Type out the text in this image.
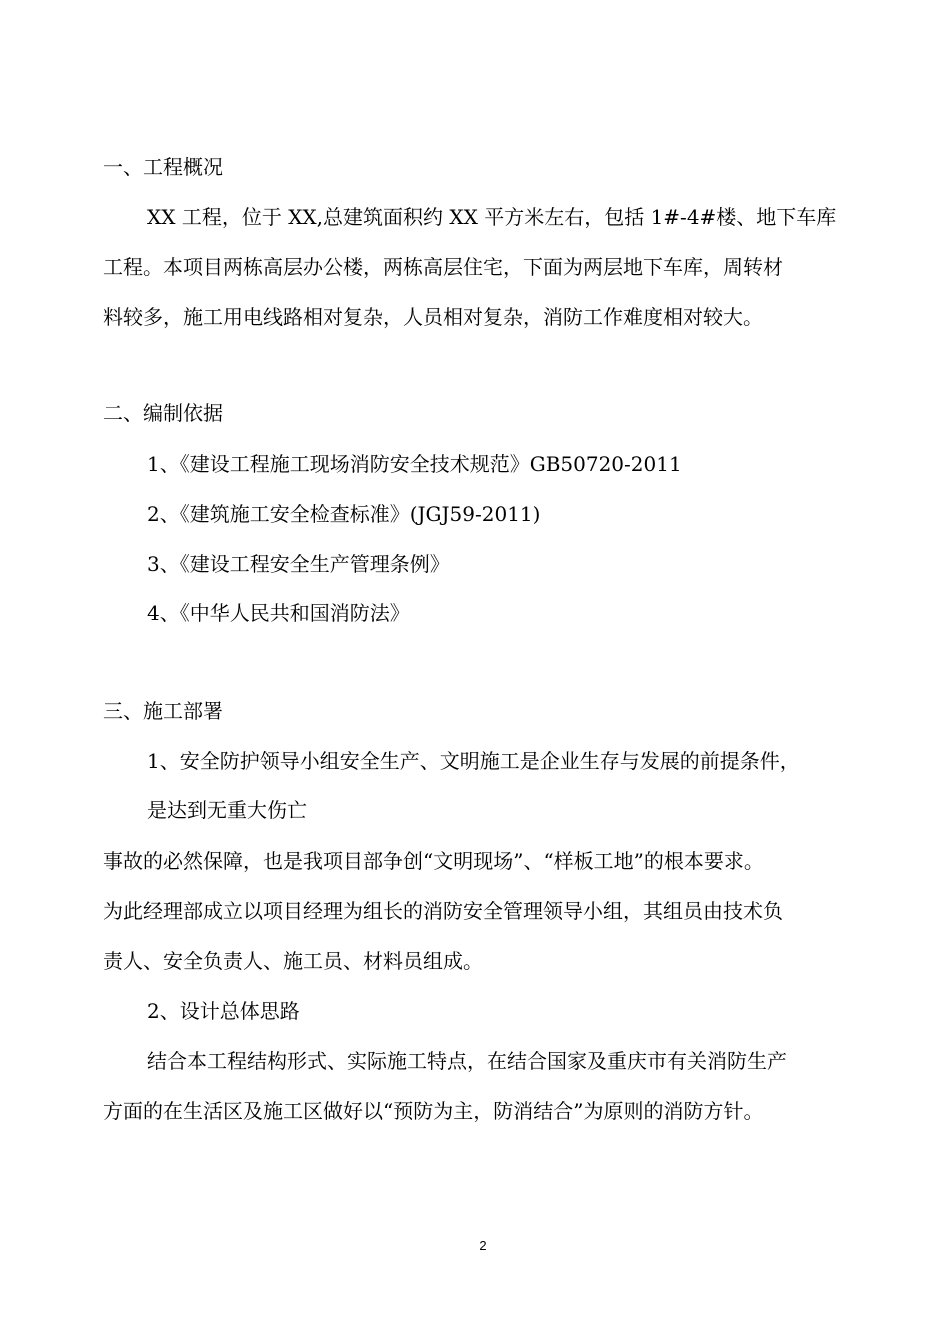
一、工程概况
XX 工程，位于 XX,总建筑面积约 XX 平方米左右，包括 1#-4#楼、地下车库
工程。本项目两栋高层办公楼，两栋高层住宅，下面为两层地下车库，周转材
料较多，施工用电线路相对复杂，人员相对复杂，消防工作难度相对较大。
二、编制依据
1、《建设工程施工现场消防安全技术规范》GB50720-2011
2、《建筑施工安全检查标准》(JGJ59-2011)
3、《建设工程安全生产管理条例》
4、《中华人民共和国消防法》
三、施工部署
1、安全防护领导小组安全生产、文明施工是企业生存与发展的前提条件，
是达到无重大伤亡
事故的必然保障，也是我项目部争创“文明现场”、“样板工地”的根本要求。
为此经理部成立以项目经理为组长的消防安全管理领导小组，其组员由技术负
责人、安全负责人、施工员、材料员组成。
2、设计总体思路
结合本工程结构形式、实际施工特点，在结合国家及重庆市有关消防生产
方面的在生活区及施工区做好以“预防为主，防消结合”为原则的消防方针。
2
